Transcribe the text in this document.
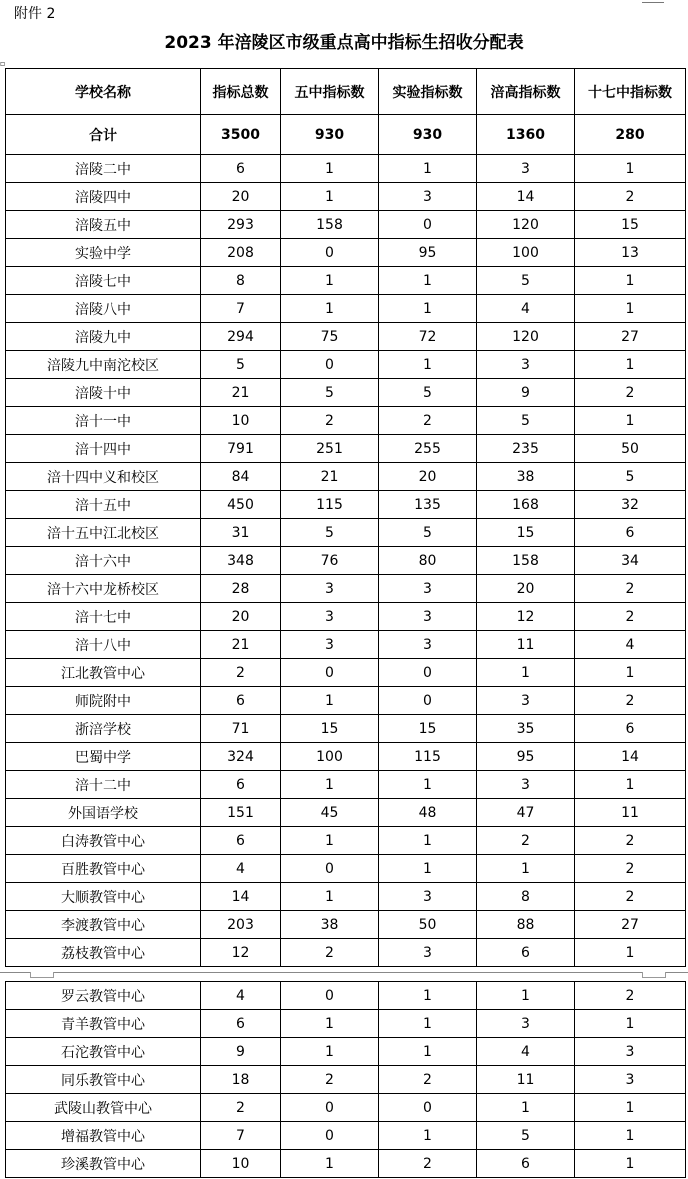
附件 2
2023 年涪陵区市级重点高中指标生招收分配表
▫
学校名称	指标总数	五中指标数	实验指标数	涪高指标数	十七中指标数
合计	3500	930	930	1360	280
涪陵二中	6	1	1	3	1
涪陵四中	20	1	3	14	2
涪陵五中	293	158	0	120	15
实验中学	208	0	95	100	13
涪陵七中	8	1	1	5	1
涪陵八中	7	1	1	4	1
涪陵九中	294	75	72	120	27
涪陵九中南沱校区	5	0	1	3	1
涪陵十中	21	5	5	9	2
涪十一中	10	2	2	5	1
涪十四中	791	251	255	235	50
涪十四中义和校区	84	21	20	38	5
涪十五中	450	115	135	168	32
涪十五中江北校区	31	5	5	15	6
涪十六中	348	76	80	158	34
涪十六中龙桥校区	28	3	3	20	2
涪十七中	20	3	3	12	2
涪十八中	21	3	3	11	4
江北教管中心	2	0	0	1	1
师院附中	6	1	0	3	2
浙涪学校	71	15	15	35	6
巴蜀中学	324	100	115	95	14
涪十二中	6	1	1	3	1
外国语学校	151	45	48	47	11
白涛教管中心	6	1	1	2	2
百胜教管中心	4	0	1	1	2
大顺教管中心	14	1	3	8	2
李渡教管中心	203	38	50	88	27
荔枝教管中心	12	2	3	6	1
罗云教管中心	4	0	1	1	2
青羊教管中心	6	1	1	3	1
石沱教管中心	9	1	1	4	3
同乐教管中心	18	2	2	11	3
武陵山教管中心	2	0	0	1	1
增福教管中心	7	0	1	5	1
珍溪教管中心	10	1	2	6	1
